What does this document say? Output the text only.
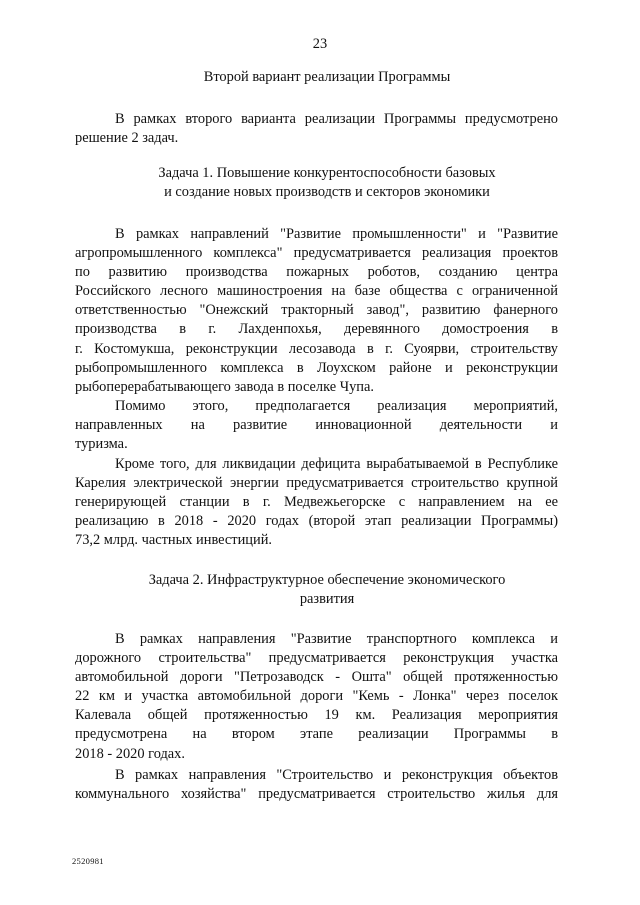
23

Второй вариант реализации Программы

В рамках второго варианта реализации Программы предусмотрено
решение 2 задач.

Задача 1. Повышение конкурентоспособности базовых
и создание новых производств и секторов экономики

В рамках направлений "Развитие промышленности" и "Развитие
агропромышленного комплекса" предусматривается реализация проектов
по развитию производства пожарных роботов, созданию центра
Российского лесного машиностроения на базе общества с ограниченной
ответственностью "Онежский тракторный завод", развитию фанерного
производства в г. Лахденпохья, деревянного домостроения в
г. Костомукша, реконструкции лесозавода в г. Суоярви, строительству
рыбопромышленного комплекса в Лоухском районе и реконструкции
рыбоперерабатывающего завода в поселке Чупа.

Помимо этого, предполагается реализация мероприятий,
направленных на развитие инновационной деятельности и
туризма.

Кроме того, для ликвидации дефицита вырабатываемой в Республике
Карелия электрической энергии предусматривается строительство крупной
генерирующей станции в г. Медвежьегорске с направлением на ее
реализацию в 2018 - 2020 годах (второй этап реализации Программы)
73,2 млрд. частных инвестиций.

Задача 2. Инфраструктурное обеспечение экономического
развития

В рамках направления "Развитие транспортного комплекса и
дорожного строительства" предусматривается реконструкция участка
автомобильной дороги "Петрозаводск - Оштa" общей протяженностью
22 км и участка автомобильной дороги "Кемь - Лонка" через поселок
Калевала общей протяженностью 19 км. Реализация мероприятия
предусмотрена на втором этапе реализации Программы в
2018 - 2020 годах.

В рамках направления "Строительство и реконструкция объектов
коммунального хозяйства" предусматривается строительство жилья для

2520981
